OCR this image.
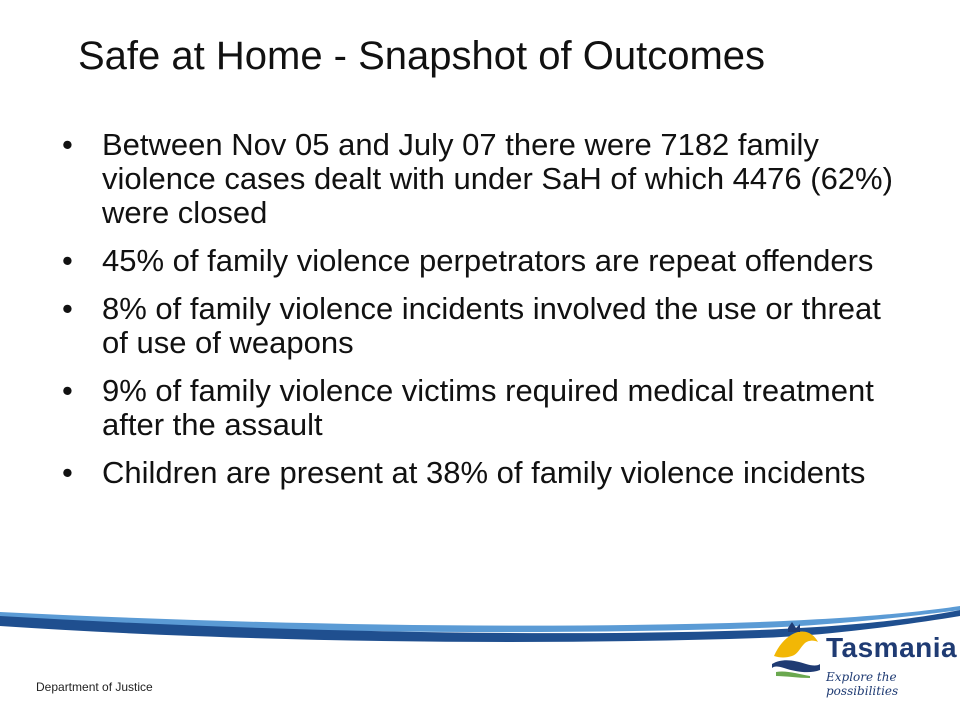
Safe at Home - Snapshot of Outcomes
• Between Nov 05 and July 07 there were 7182 family violence cases dealt with under SaH of which 4476 (62%) were closed
• 45% of family violence perpetrators are repeat offenders
• 8% of family violence incidents involved the use or threat of use of weapons
• 9% of family violence victims required medical treatment after the assault
• Children are present at 38% of family violence incidents
Department of Justice
Tasmania
Explore the possibilities
